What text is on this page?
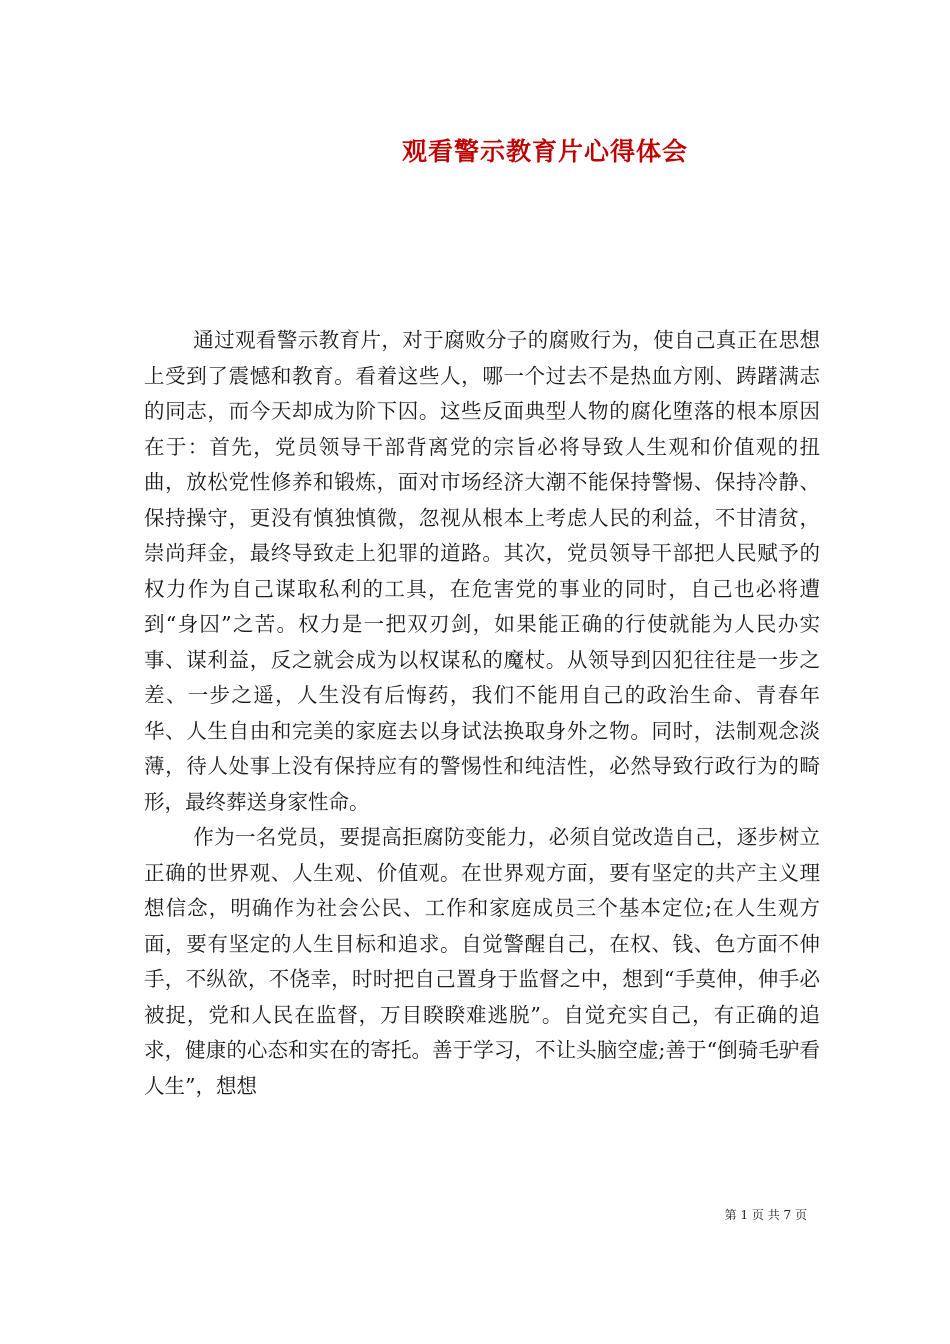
观看警示教育片心得体会

通过观看警示教育片，对于腐败分子的腐败行为，使自己真正在思想上受到了震憾和教育。看着这些人，哪一个过去不是热血方刚、踌躇满志的同志，而今天却成为阶下囚。这些反面典型人物的腐化堕落的根本原因在于：首先，党员领导干部背离党的宗旨必将导致人生观和价值观的扭曲，放松党性修养和锻炼，面对市场经济大潮不能保持警惕、保持冷静、保持操守，更没有慎独慎微，忽视从根本上考虑人民的利益，不甘清贫，崇尚拜金，最终导致走上犯罪的道路。其次，党员领导干部把人民赋予的权力作为自己谋取私利的工具，在危害党的事业的同时，自己也必将遭到“身囚”之苦。权力是一把双刃剑，如果能正确的行使就能为人民办实事、谋利益，反之就会成为以权谋私的魔杖。从领导到囚犯往往是一步之差、一步之遥，人生没有后悔药，我们不能用自己的政治生命、青春年华、人生自由和完美的家庭去以身试法换取身外之物。同时，法制观念淡薄，待人处事上没有保持应有的警惕性和纯洁性，必然导致行政行为的畸形，最终葬送身家性命。

作为一名党员，要提高拒腐防变能力，必须自觉改造自己，逐步树立正确的世界观、人生观、价值观。在世界观方面，要有坚定的共产主义理想信念，明确作为社会公民、工作和家庭成员三个基本定位;在人生观方面，要有坚定的人生目标和追求。自觉警醒自己，在权、钱、色方面不伸手，不纵欲，不侥幸，时时把自己置身于监督之中，想到“手莫伸，伸手必被捉，党和人民在监督，万目睽睽难逃脱”。自觉充实自己，有正确的追求，健康的心态和实在的寄托。善于学习，不让头脑空虚;善于“倒骑毛驴看人生”，想想

第 1 页 共 7 页
